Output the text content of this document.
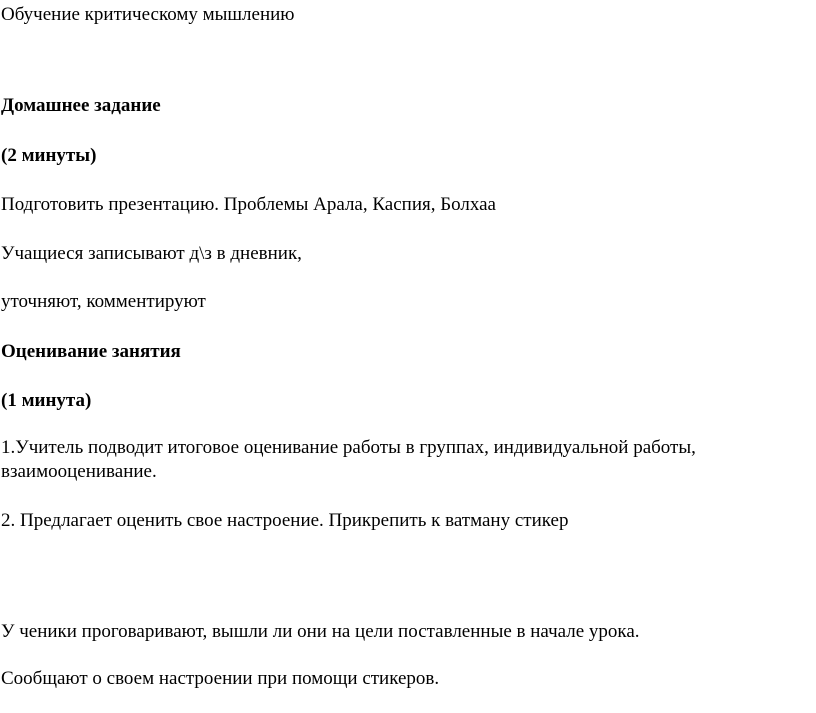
Обучение критическому мышлению

Домашнее задание

(2 минуты)

Подготовить презентацию. Проблемы Арала, Каспия, Болхаа

Учащиеся записывают д\з в дневник,

уточняют, комментируют

Оценивание занятия

(1 минута)

1.Учитель подводит итоговое оценивание работы в группах, индивидуальной работы, взаимооценивание.

2. Предлагает оценить свое настроение. Прикрепить к ватману стикер

У ченики проговаривают, вышли ли они на цели поставленные в начале урока.

Сообщают о своем настроении при помощи стикеров.
